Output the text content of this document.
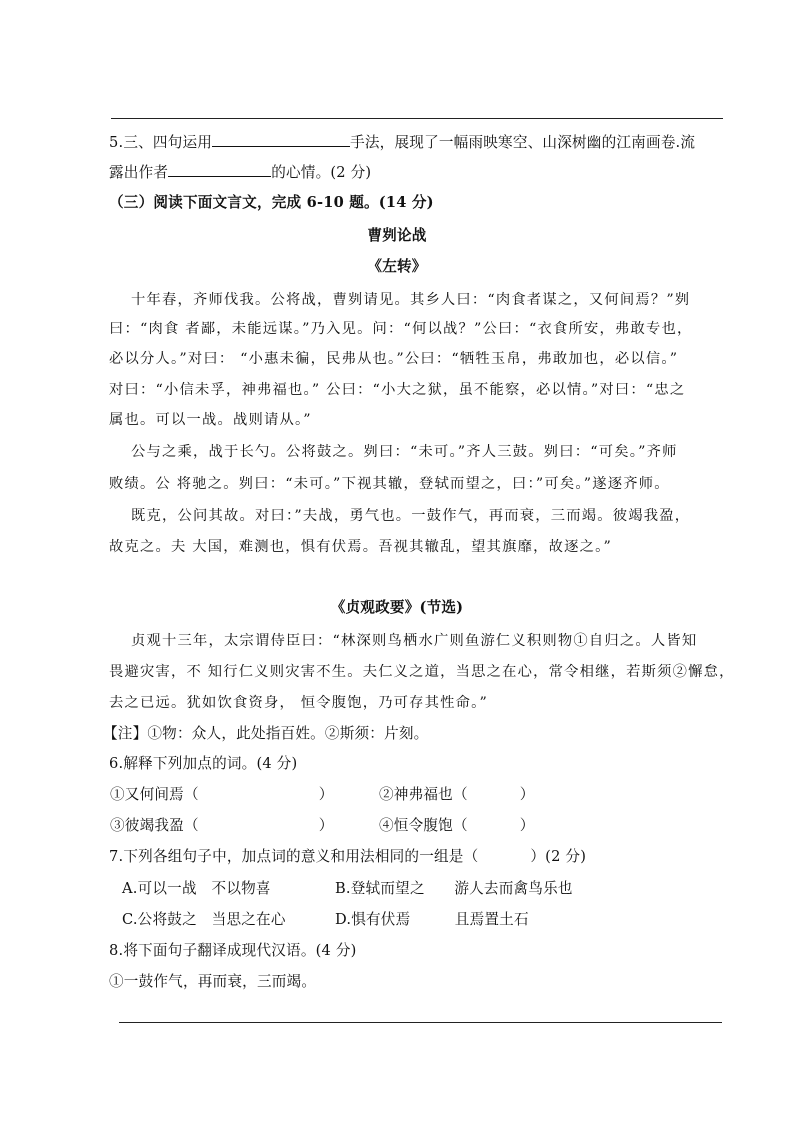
5.三、四句运用	手法，展现了一幅雨映寒空、山深树幽的江南画卷.流
露出作者	的心情。(2 分)
（三）阅读下面文言文，完成 6-10 题。(14 分)
曹刿论战
《左转》
十年春，齐师伐我。公将战，曹刿请见。其乡人曰：“肉食者谋之，又何间焉？”刿
曰：“肉食 者鄙，未能远谋。”乃入见。问：“何以战？”公曰：“衣食所安，弗敢专也，
必以分人。”对曰： “小惠未徧，民弗从也。”公曰：“牺牲玉帛，弗敢加也，必以信。”
对曰：“小信未孚，神弗福也。” 公曰：“小大之狱，虽不能察，必以情。”对曰：“忠之
属也。可以一战。战则请从。”
公与之乘，战于长勺。公将鼓之。刿曰：“未可。”齐人三鼓。刿曰：“可矣。”齐师
败绩。公 将驰之。刿曰：“未可。”下视其辙，登轼而望之，曰：”可矣。”遂逐齐师。
既克，公问其故。对曰：”夫战，勇气也。一鼓作气，再而衰，三而竭。彼竭我盈，
故克之。夫 大国，难测也，惧有伏焉。吾视其辙乱，望其旗靡，故逐之。”
《贞观政要》(节选)
贞观十三年，太宗谓侍臣曰：“林深则鸟栖水广则鱼游仁义积则物①自归之。人皆知
畏避灾害，不 知行仁义则灾害不生。夫仁义之道，当思之在心，常令相继，若斯须②懈怠，
去之已远。犹如饮食资身， 恒令腹饱，乃可存其性命。”
【注】①物：众人，此处指百姓。②斯须：片刻。
6.解释下列加点的词。(4 分)
①又何间焉（	）	②神弗福也（	）
③彼竭我盈（	）	④恒令腹饱（	）
7.下列各组句子中，加点词的意义和用法相同的一组是（	）(2 分)
A.可以一战　不以物喜	B.登轼而望之　　游人去而禽鸟乐也
C.公将鼓之　当思之在心	D.惧有伏焉　　　且焉置土石
8.将下面句子翻译成现代汉语。(4 分)
①一鼓作气，再而衰，三而竭。
